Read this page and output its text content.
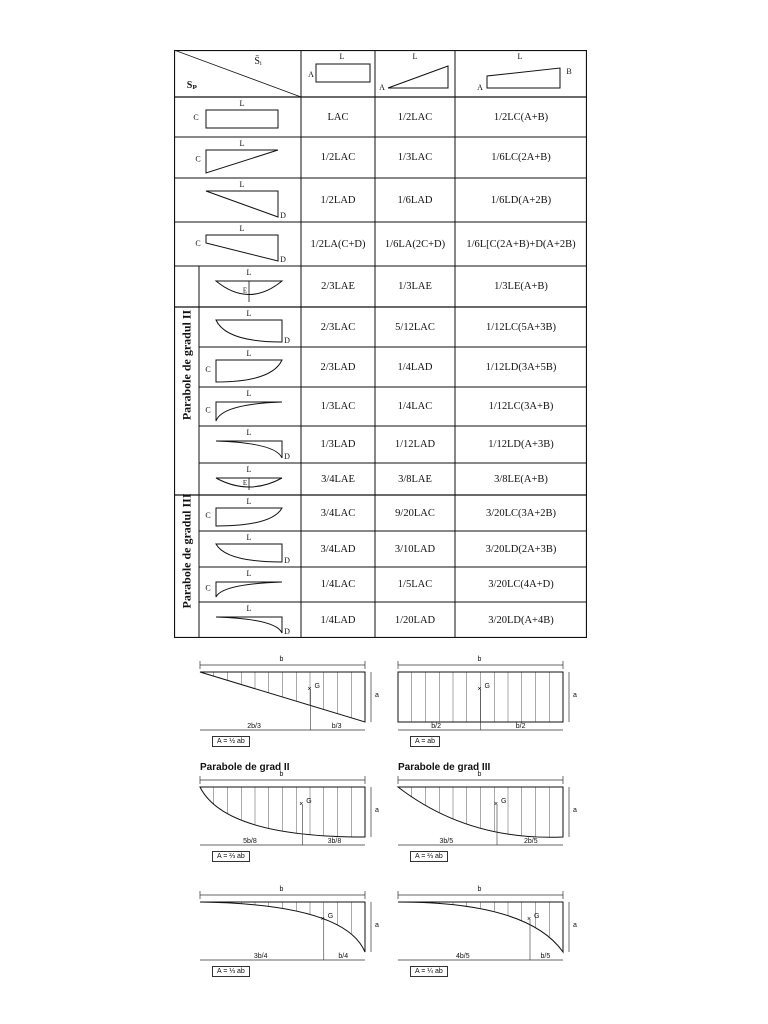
S̄ᵢ
Sₚ
L
A
L
A
L
A
B
L
C
L
C
L
D
L
C
D
L
E
L
D
L
C
L
C
L
D
L
E
L
C
L
D
L
C
L
D
LAC	1/2LAC	1/2LC(A+B)
1/2LAC	1/3LAC	1/6LC(2A+B)
1/2LAD	1/6LAD	1/6LD(A+2B)
1/2LA(C+D)	1/6LA(2C+D)	1/6L[C(2A+B)+D(A+2B)
2/3LAE	1/3LAE	1/3LE(A+B)
2/3LAC	5/12LAC	1/12LC(5A+3B)
2/3LAD	1/4LAD	1/12LD(3A+5B)
1/3LAC	1/4LAC	1/12LC(3A+B)
1/3LAD	1/12LAD	1/12LD(A+3B)
3/4LAE	3/8LAE	3/8LE(A+B)
3/4LAC	9/20LAC	3/20LC(3A+2B)
3/4LAD	3/10LAD	3/20LD(2A+3B)
1/4LAC	1/5LAC	3/20LC(4A+D)
1/4LAD	1/20LAD	3/20LD(A+4B)
Parabole de gradul II
Parabole de gradul III
×
b
a
G
2b/3	b/3
A = ½ ab
×
b
a
G
b/2	b/2
A = ab
×
b
a
G
5b/8	3b/8
A = ⅔ ab
×
b
a
G
3b/5	2b/5
A = ⅔ ab
×
b
a
G
3b/4	b/4
A = ⅓ ab
×
b
a
G
4b/5	b/5
A = ¼ ab
Parabole de grad II	Parabole de grad III
